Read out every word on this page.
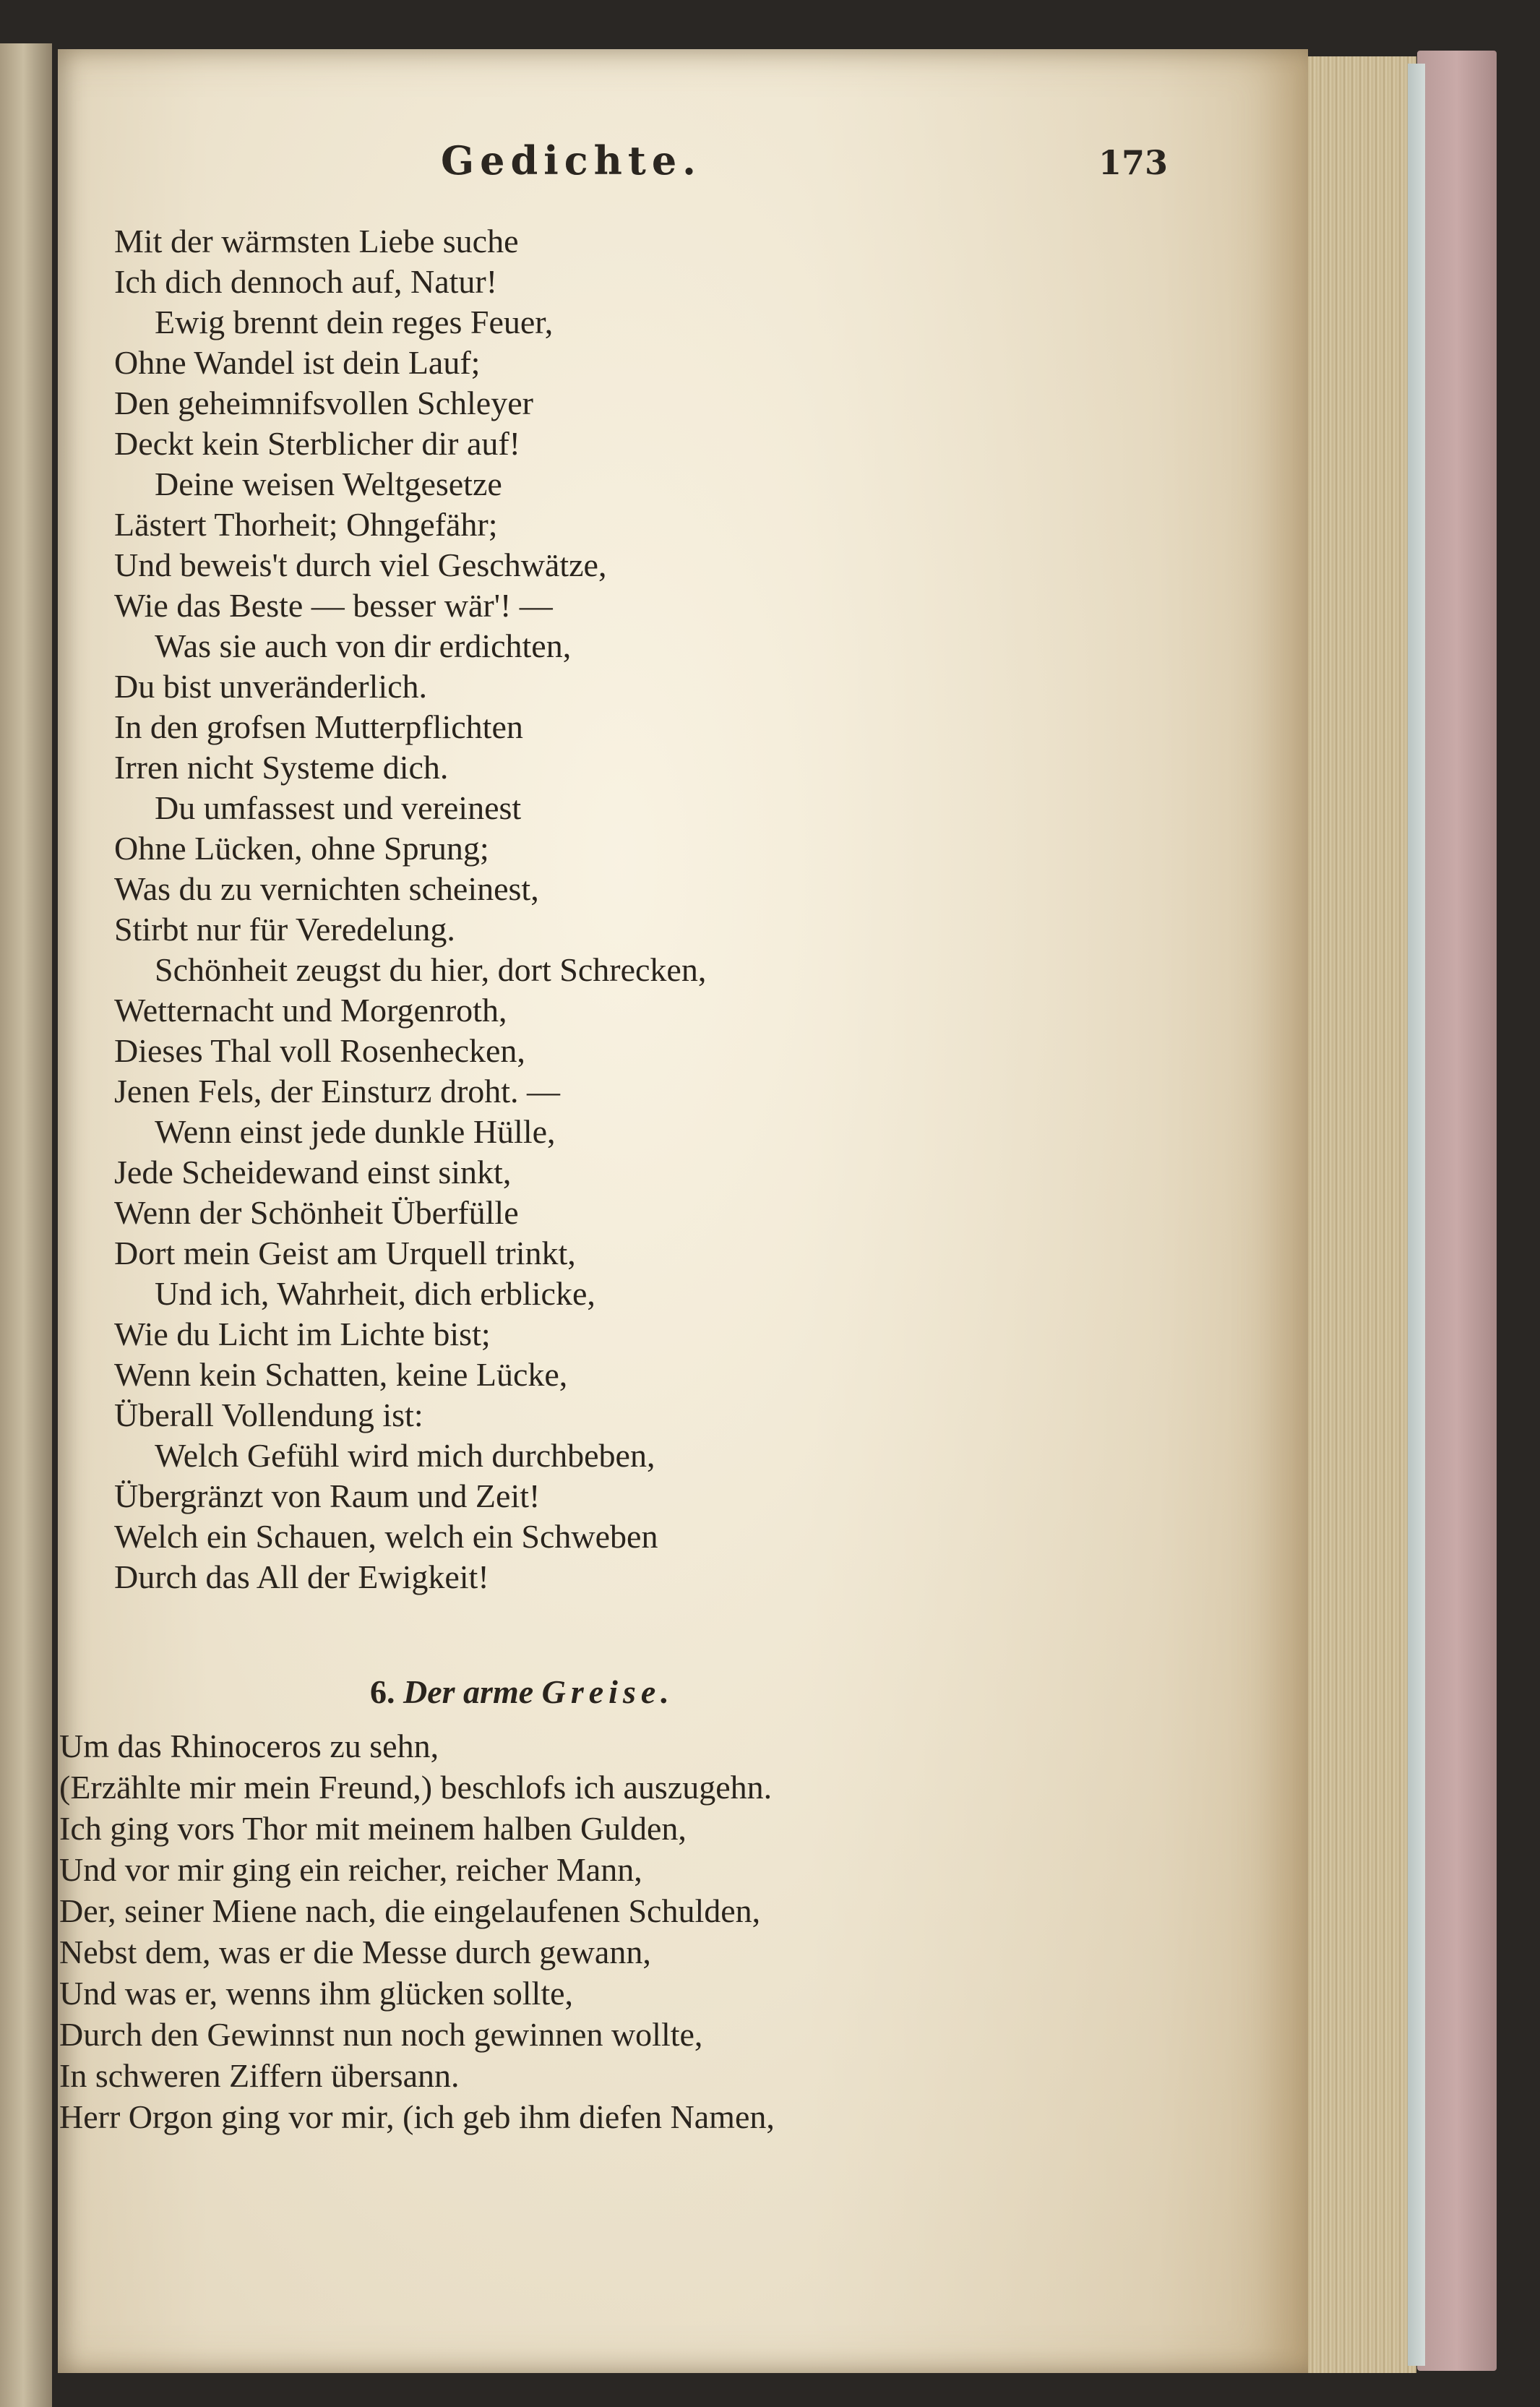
Gedichte.	173
Mit der wärmsten Liebe suche
Ich dich dennoch auf, Natur!
Ewig brennt dein reges Feuer,
Ohne Wandel ist dein Lauf;
Den geheimnifsvollen Schleyer
Deckt kein Sterblicher dir auf!
Deine weisen Weltgesetze
Lästert Thorheit; Ohngefähr;
Und beweis't durch viel Geschwätze,
Wie das Beste — besser wär'! —
Was sie auch von dir erdichten,
Du bist unveränderlich.
In den grofsen Mutterpflichten
Irren nicht Systeme dich.
Du umfassest und vereinest
Ohne Lücken, ohne Sprung;
Was du zu vernichten scheinest,
Stirbt nur für Veredelung.
Schönheit zeugst du hier, dort Schrecken,
Wetternacht und Morgenroth,
Dieses Thal voll Rosenhecken,
Jenen Fels, der Einsturz droht. —
Wenn einst jede dunkle Hülle,
Jede Scheidewand einst sinkt,
Wenn der Schönheit Überfülle
Dort mein Geist am Urquell trinkt,
Und ich, Wahrheit, dich erblicke,
Wie du Licht im Lichte bist;
Wenn kein Schatten, keine Lücke,
Überall Vollendung ist:
Welch Gefühl wird mich durchbeben,
Übergränzt von Raum und Zeit!
Welch ein Schauen, welch ein Schweben
Durch das All der Ewigkeit!
6. Der arme Greise.
Um das Rhinoceros zu sehn,
(Erzählte mir mein Freund,) beschlofs ich auszugehn.
Ich ging vors Thor mit meinem halben Gulden,
Und vor mir ging ein reicher, reicher Mann,
Der, seiner Miene nach, die eingelaufenen Schulden,
Nebst dem, was er die Messe durch gewann,
Und was er, wenns ihm glücken sollte,
Durch den Gewinnst nun noch gewinnen wollte,
In schweren Ziffern übersann.
Herr Orgon ging vor mir, (ich geb ihm diefen Namen,
